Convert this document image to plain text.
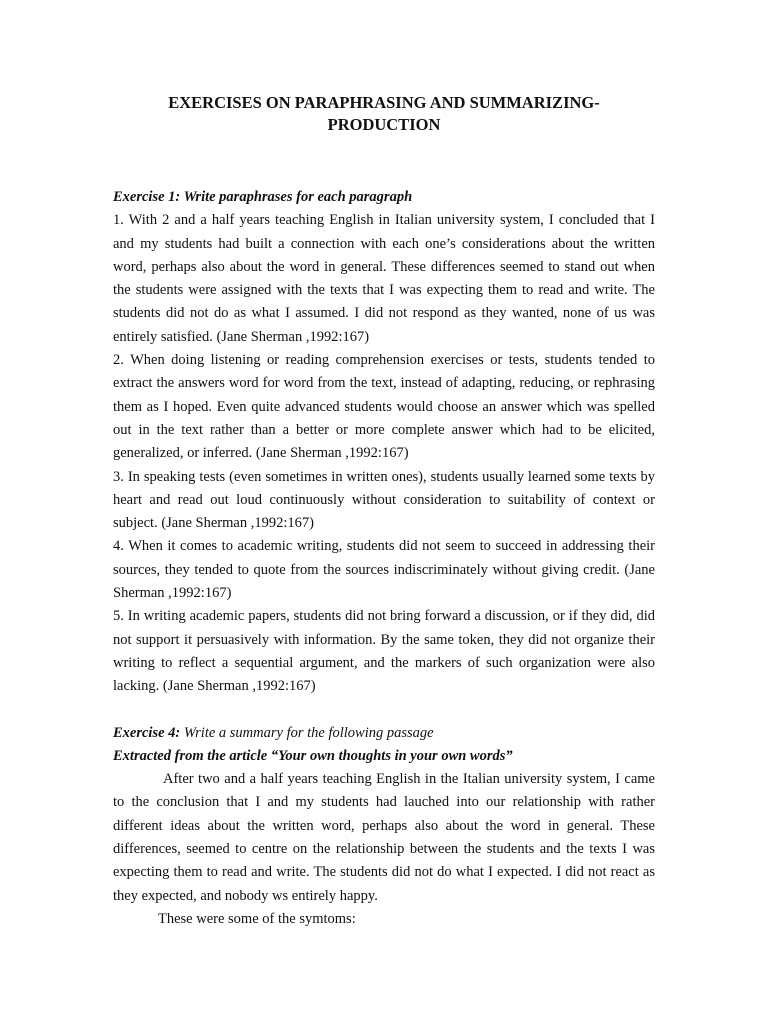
EXERCISES ON PARAPHRASING AND SUMMARIZING-PRODUCTION

Exercise 1: Write paraphrases for each paragraph

1. With 2 and a half years teaching English in Italian university system, I concluded that I and my students had built a connection with each one’s considerations about the written word, perhaps also about the word in general. These differences seemed to stand out when the students were assigned with the texts that I was expecting them to read and write. The students did not do as what I assumed. I did not respond as they wanted, none of us was entirely satisfied. (Jane Sherman ,1992:167)

2. When doing listening or reading comprehension exercises or tests, students tended to extract the answers word for word from the text, instead of adapting, reducing, or rephrasing them as I hoped. Even quite advanced students would choose an answer which was spelled out in the text rather than a better or more complete answer which had to be elicited, generalized, or inferred. (Jane Sherman ,1992:167)

3. In speaking tests (even sometimes in written ones), students usually learned some texts by heart and read out loud continuously without consideration to suitability of context or subject. (Jane Sherman ,1992:167)

4. When it comes to academic writing, students did not seem to succeed in addressing their sources, they tended to quote from the sources indiscriminately without giving credit. (Jane Sherman ,1992:167)

5. In writing academic papers, students did not bring forward a discussion, or if they did, did not support it persuasively with information. By the same token, they did not organize their writing to reflect a sequential argument, and the markers of such organization were also lacking. (Jane Sherman ,1992:167)

Exercise 4: Write a summary for the following passage

Extracted from the article “Your own thoughts in your own words”

After two and a half years teaching English in the Italian university system, I came to the conclusion that I and my students had lauched into our relationship with rather different ideas about the written word, perhaps also about the word in general. These differences, seemed to centre on the relationship between the students and the texts I was expecting them to read and write. The students did not do what I expected. I did not react as they expected, and nobody ws entirely happy.

These were some of the symtoms:
